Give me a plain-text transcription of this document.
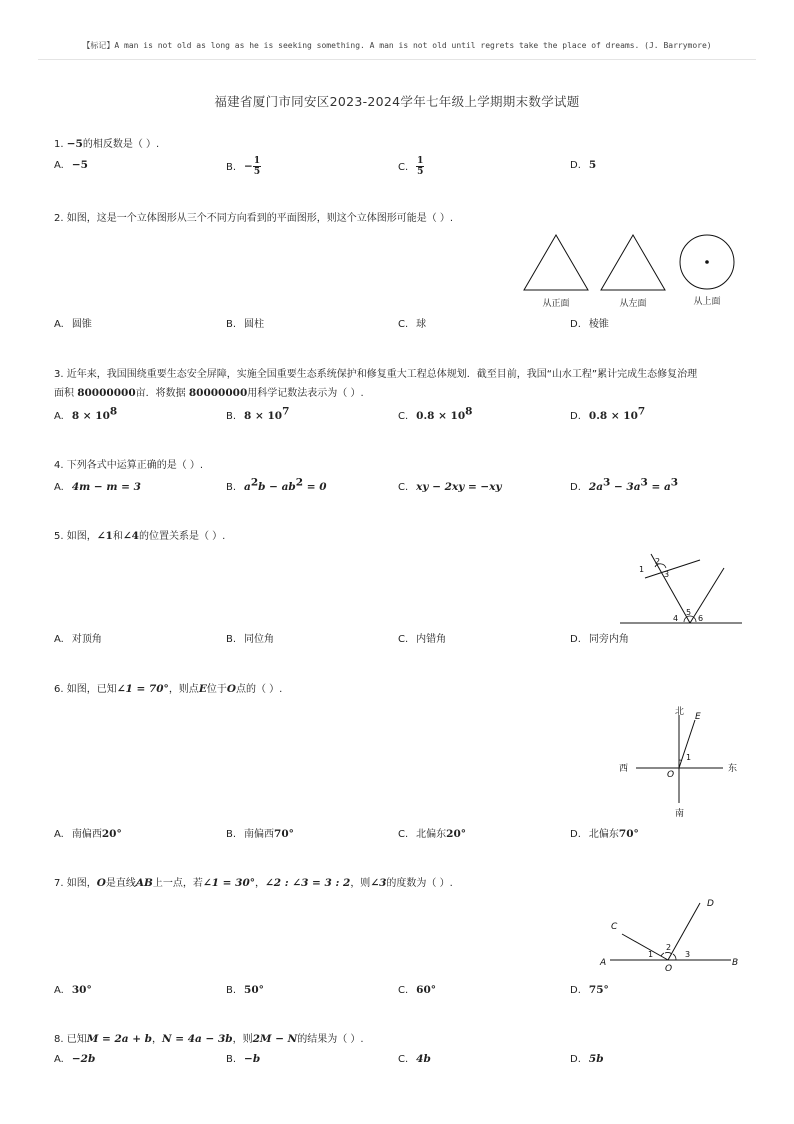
【标记】A man is not old as long as he is seeking something. A man is not old until regrets take the place of dreams. (J. Barrymore)
福建省厦门市同安区2023-2024学年七年级上学期期末数学试题
1. −5的相反数是（ ）.
A. −5	B. − $\frac{1}{5}$	C. $\frac{1}{5}$	D. 5
2. 如图，这是一个立体图形从三个不同方向看到的平面图形，则这个立体图形可能是（ ）.
从正面	从左面	从上面
A. 圆锥	B. 圆柱	C. 球	D. 棱锥
3. 近年来，我国围绕重要生态安全屏障，实施全国重要生态系统保护和修复重大工程总体规划．截至目前，我国“山水工程”累计完成生态修复治理
面积 80000000亩．将数据 80000000用科学记数法表示为（ ）.
A. $8 \times 10^8$	B. $8 \times 10^7$	C. $0.8 \times 10^8$	D. $0.8 \times 10^7$
4. 下列各式中运算正确的是（ ）.
A. 4m − m = 3	B. $a^2b - ab^2 = 0$	C. xy − 2xy = −xy	D. $2a^3 - 3a^3 = a^3$
5. 如图，∠1和∠4的位置关系是（ ）.
1
2
3
4
5
6
A. 对顶角	B. 同位角	C. 内错角	D. 同旁内角
6. 如图，已知∠1 = 70°，则点E位于O点的（ ）.
北
南
西	东
E
O
1
A. 南偏西20°	B. 南偏西70°	C. 北偏东20°	D. 北偏东70°
7. 如图，O是直线AB上一点，若∠1 = 30°，∠2 : ∠3 = 3 : 2，则∠3的度数为（ ）.
A	B
C
D
O
1
2
3
A. 30°	B. 50°	C. 60°	D. 75°
8. 已知M = 2a + b，N = 4a − 3b，则2M − N的结果为（ ）.
A. −2b	B. −b	C. 4b	D. 5b
